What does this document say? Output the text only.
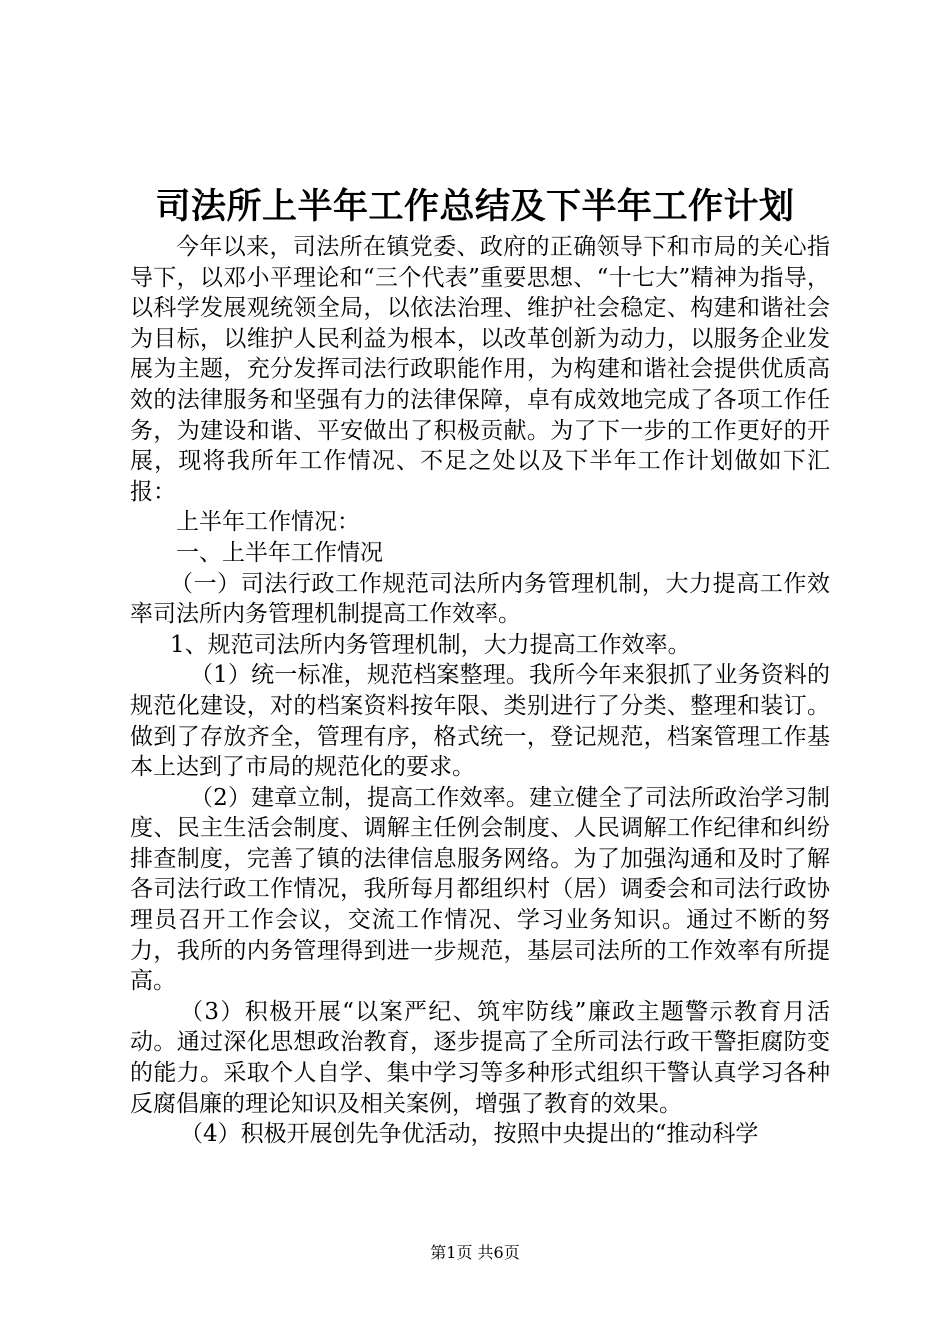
司法所上半年工作总结及下半年工作计划

今年以来，司法所在镇党委、政府的正确领导下和市局的关心指导下，以邓小平理论和“三个代表”重要思想、“十七大”精神为指导，以科学发展观统领全局，以依法治理、维护社会稳定、构建和谐社会为目标，以维护人民利益为根本，以改革创新为动力，以服务企业发展为主题，充分发挥司法行政职能作用，为构建和谐社会提供优质高效的法律服务和坚强有力的法律保障，卓有成效地完成了各项工作任务，为建设和谐、平安做出了积极贡献。为了下一步的工作更好的开展，现将我所年工作情况、不足之处以及下半年工作计划做如下汇报：

上半年工作情况：

一、上半年工作情况

（一）司法行政工作规范司法所内务管理机制，大力提高工作效率司法所内务管理机制提高工作效率。

1、规范司法所内务管理机制，大力提高工作效率。

（1）统一标准，规范档案整理。我所今年来狠抓了业务资料的规范化建设，对的档案资料按年限、类别进行了分类、整理和装订。做到了存放齐全，管理有序，格式统一，登记规范，档案管理工作基本上达到了市局的规范化的要求。

（2）建章立制，提高工作效率。建立健全了司法所政治学习制度、民主生活会制度、调解主任例会制度、人民调解工作纪律和纠纷排查制度，完善了镇的法律信息服务网络。为了加强沟通和及时了解各司法行政工作情况，我所每月都组织村（居）调委会和司法行政协理员召开工作会议，交流工作情况、学习业务知识。通过不断的努力，我所的内务管理得到进一步规范，基层司法所的工作效率有所提高。

（3）积极开展“以案严纪、筑牢防线”廉政主题警示教育月活动。通过深化思想政治教育，逐步提高了全所司法行政干警拒腐防变的能力。采取个人自学、集中学习等多种形式组织干警认真学习各种反腐倡廉的理论知识及相关案例，增强了教育的效果。

（4）积极开展创先争优活动，按照中央提出的“推动科学

第1页 共6页
